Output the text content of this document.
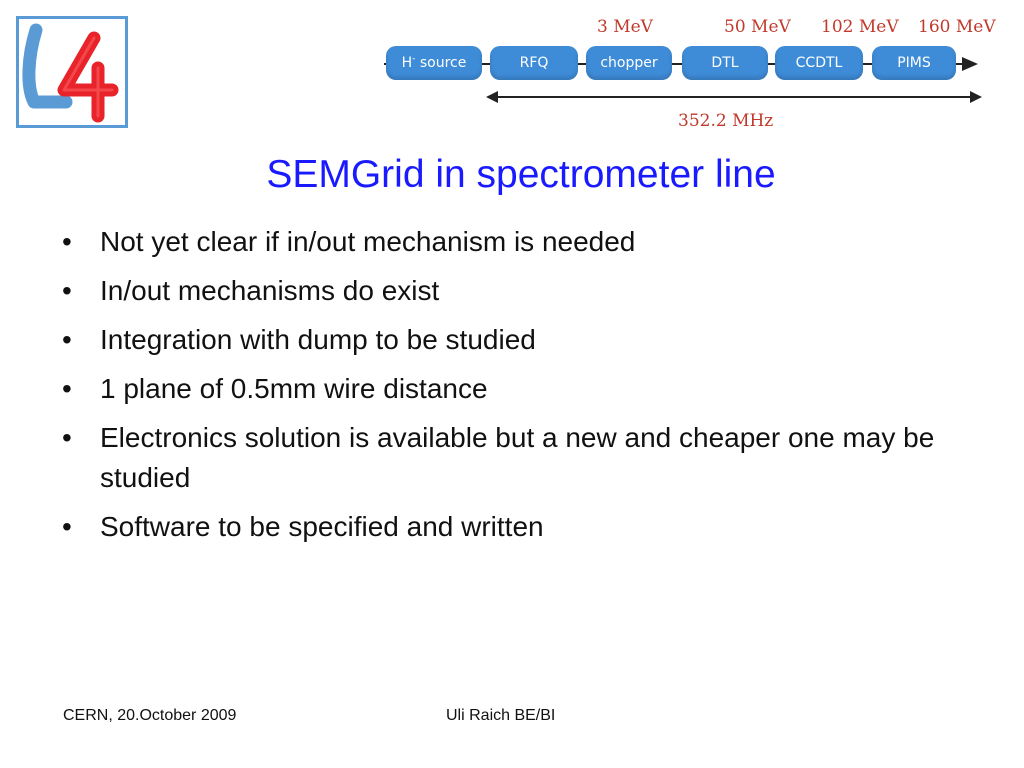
3 MeV	50 MeV 102 MeV 160 MeV
H- source	RFQ	chopper	DTL	CCDTL	PIMS
352.2 MHz
SEMGrid in spectrometer line
• Not yet clear if in/out mechanism is needed
• In/out mechanisms do exist
• Integration with dump to be studied
• 1 plane of 0.5mm wire distance
• Electronics solution is available but a new and cheaper one may be studied
• Software to be specified and written
CERN, 20.October 2009	Uli Raich BE/BI
